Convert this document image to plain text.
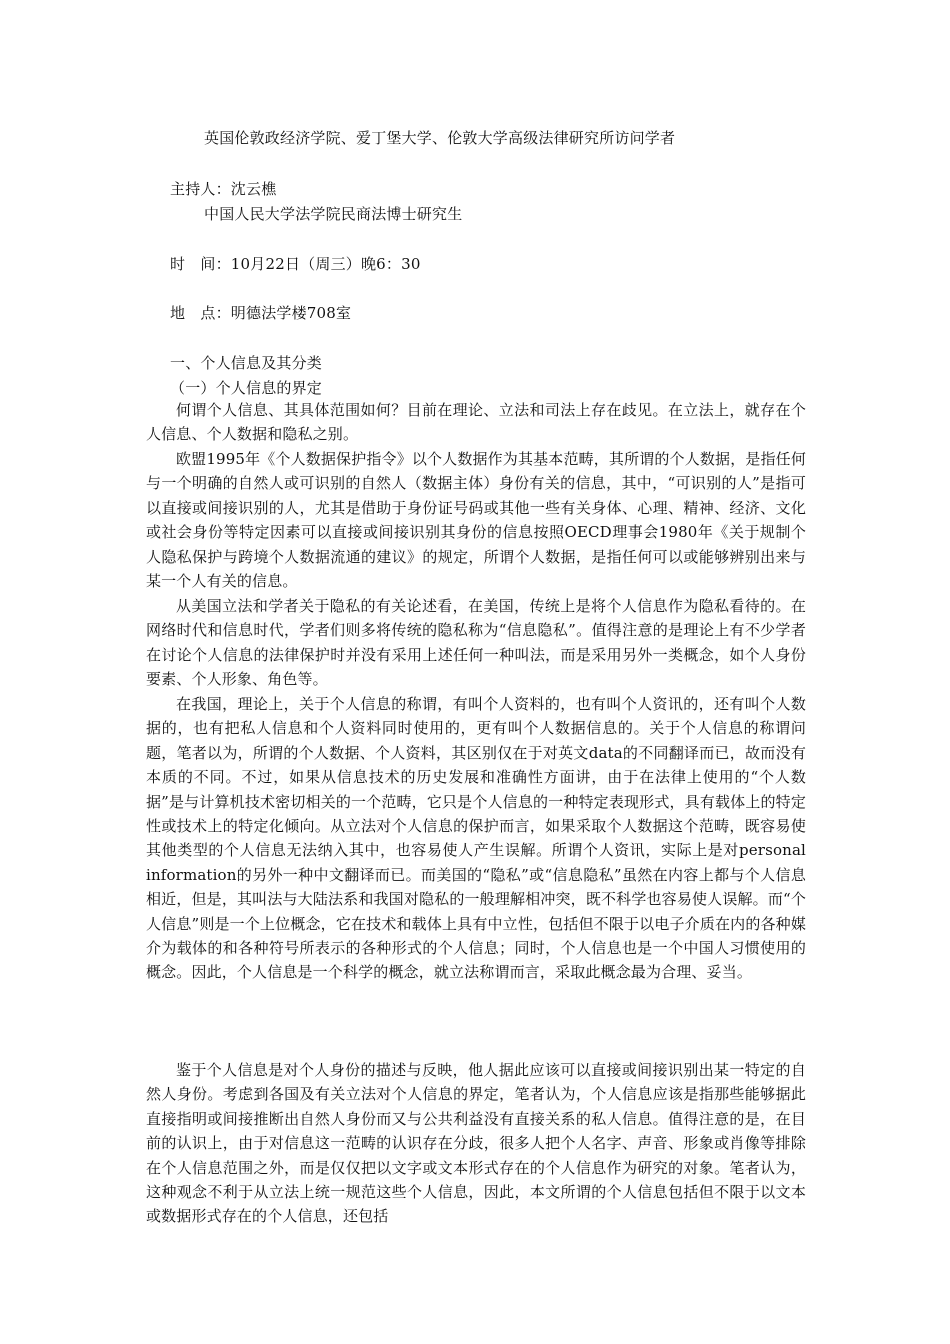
英国伦敦政经济学院、爱丁堡大学、伦敦大学高级法律研究所访问学者
主持人：沈云樵
中国人民大学法学院民商法博士研究生
时　间：10月22日（周三）晚6：30
地　点：明德法学楼708室
一、个人信息及其分类
（一）个人信息的界定

何谓个人信息、其具体范围如何？目前在理论、立法和司法上存在歧见。在立法上，就存在个人信息、个人数据和隐私之别。

欧盟1995年《个人数据保护指令》以个人数据作为其基本范畴，其所谓的个人数据，是指任何与一个明确的自然人或可识别的自然人（数据主体）身份有关的信息，其中，“可识别的人”是指可以直接或间接识别的人，尤其是借助于身份证号码或其他一些有关身体、心理、精神、经济、文化或社会身份等特定因素可以直接或间接识别其身份的信息按照OECD理事会1980年《关于规制个人隐私保护与跨境个人数据流通的建议》的规定，所谓个人数据，是指任何可以或能够辨别出来与某一个人有关的信息。

从美国立法和学者关于隐私的有关论述看，在美国，传统上是将个人信息作为隐私看待的。在网络时代和信息时代，学者们则多将传统的隐私称为“信息隐私”。值得注意的是理论上有不少学者在讨论个人信息的法律保护时并没有采用上述任何一种叫法，而是采用另外一类概念，如个人身份要素、个人形象、角色等。

在我国，理论上，关于个人信息的称谓，有叫个人资料的，也有叫个人资讯的，还有叫个人数据的，也有把私人信息和个人资料同时使用的，更有叫个人数据信息的。关于个人信息的称谓问题，笔者以为，所谓的个人数据、个人资料，其区别仅在于对英文data的不同翻译而已，故而没有本质的不同。不过，如果从信息技术的历史发展和准确性方面讲，由于在法律上使用的“个人数据”是与计算机技术密切相关的一个范畴，它只是个人信息的一种特定表现形式，具有载体上的特定性或技术上的特定化倾向。从立法对个人信息的保护而言，如果采取个人数据这个范畴，既容易使其他类型的个人信息无法纳入其中，也容易使人产生误解。所谓个人资讯，实际上是对personal information的另外一种中文翻译而已。而美国的“隐私”或“信息隐私”虽然在内容上都与个人信息相近，但是，其叫法与大陆法系和我国对隐私的一般理解相冲突，既不科学也容易使人误解。而“个人信息”则是一个上位概念，它在技术和载体上具有中立性，包括但不限于以电子介质在内的各种媒介为载体的和各种符号所表示的各种形式的个人信息；同时，个人信息也是一个中国人习惯使用的概念。因此，个人信息是一个科学的概念，就立法称谓而言，采取此概念最为合理、妥当。

鉴于个人信息是对个人身份的描述与反映，他人据此应该可以直接或间接识别出某一特定的自然人身份。考虑到各国及有关立法对个人信息的界定，笔者认为，个人信息应该是指那些能够据此直接指明或间接推断出自然人身份而又与公共利益没有直接关系的私人信息。值得注意的是，在目前的认识上，由于对信息这一范畴的认识存在分歧，很多人把个人名字、声音、形象或肖像等排除在个人信息范围之外，而是仅仅把以文字或文本形式存在的个人信息作为研究的对象。笔者认为，这种观念不利于从立法上统一规范这些个人信息，因此，本文所谓的个人信息包括但不限于以文本或数据形式存在的个人信息，还包括
